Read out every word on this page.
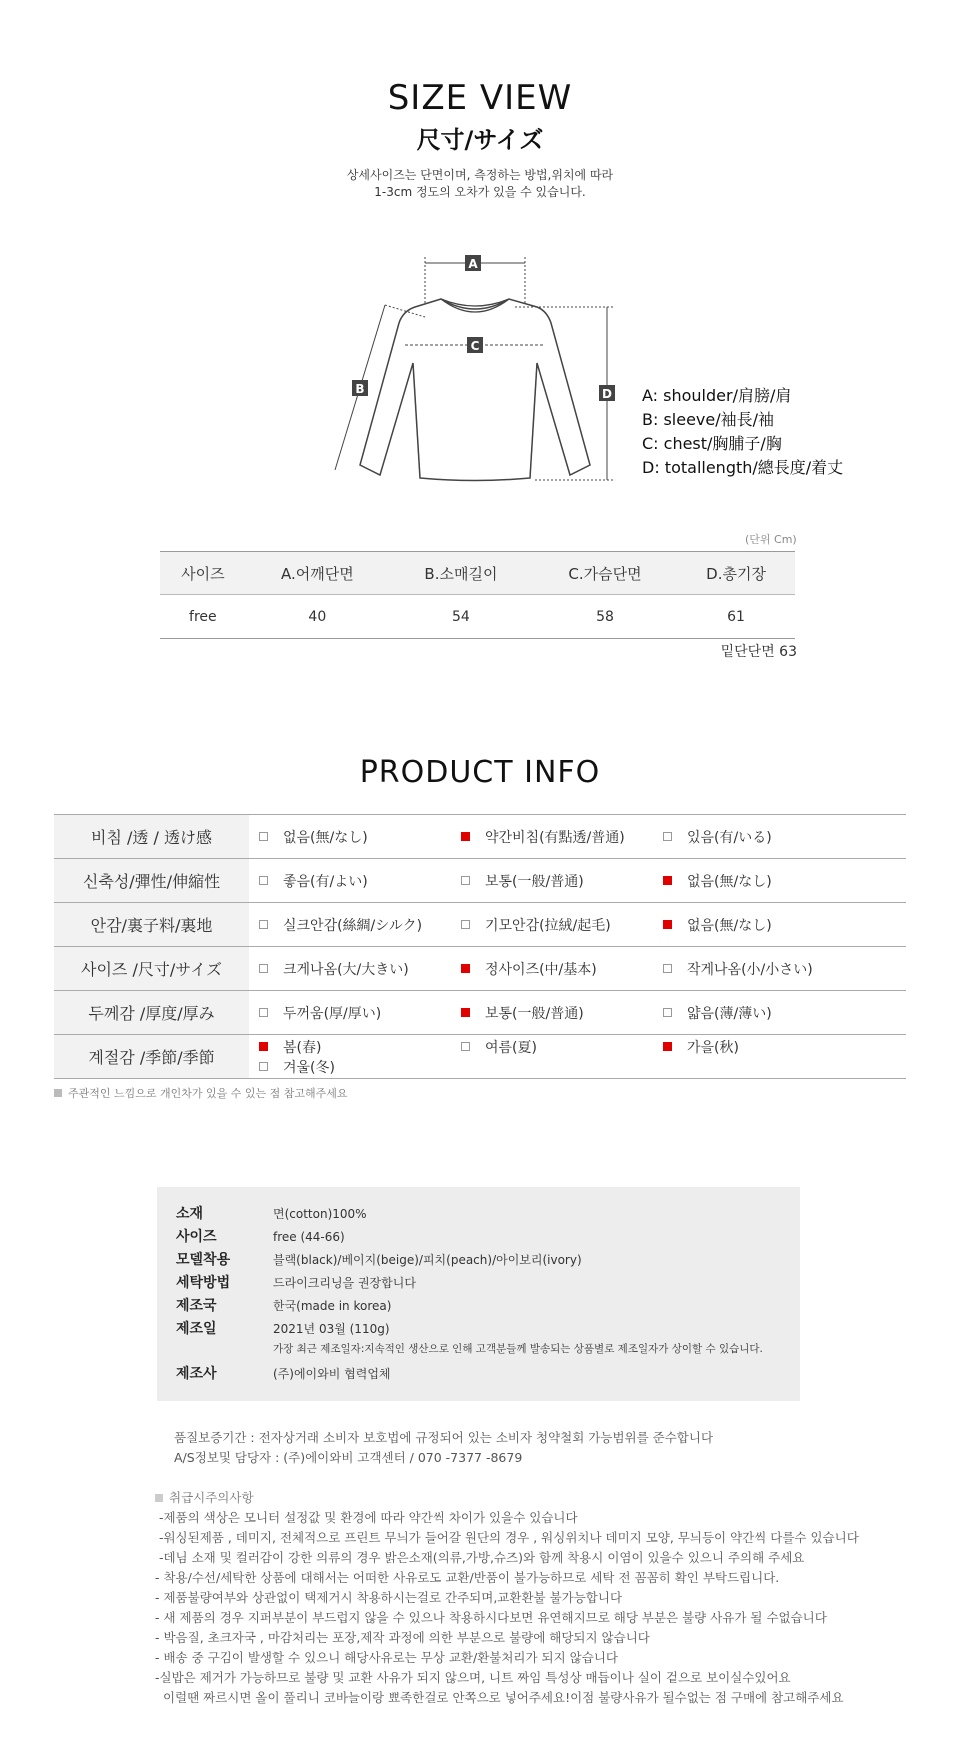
SIZE VIEW
尺寸/サイズ
상세사이즈는 단면이며, 측정하는 방법,위치에 따라
1-3cm 정도의 오차가 있을 수 있습니다.
A
C
B	D A: shoulder/肩膀/肩
B: sleeve/袖長/袖
C: chest/胸脯子/胸
D: totallength/總長度/着丈
(단위 Cm)
사이즈	A.어깨단면	B.소매길이	C.가슴단면	D.총기장
free	40	54	58	61
밑단단면 63
PRODUCT INFO
비침 /透 / 透け感	없음(無/なし) 약간비침(有點透/普通) 있음(有/いる)

신축성/彈性/伸縮性	좋음(有/よい) 보통(一般/普通) 없음(無/なし)

안감/裏子料/裏地	실크안감(絲綢/シルク) 기모안감(拉絨/起毛) 없음(無/なし)

사이즈 /尺寸/サイズ	크게나옴(大/大きい) 정사이즈(中/基本) 작게나옴(小/小さい)

두께감 /厚度/厚み	두꺼움(厚/厚い) 보통(一般/普通) 얇음(薄/薄い)

계절감 /季節/季節	봄(春) 여름(夏) 가을(秋)
겨울(冬)
주관적인 느낌으로 개인차가 있을 수 있는 점 참고해주세요
소재	면(cotton)100%
사이즈	free (44-66)
모델착용	블랙(black)/베이지(beige)/피치(peach)/아이보리(ivory)
세탁방법	드라이크리닝을 권장합니다
제조국	한국(made in korea)
제조일	2021년 03월 (110g)
가장 최근 제조일자:지속적인 생산으로 인해 고객분들께 발송되는 상품별로 제조일자가 상이할 수 있습니다.
제조사	(주)에이와비 협력업체
품질보증기간 : 전자상거래 소비자 보호법에 규정되어 있는 소비자 청약철회 가능범위를 준수합니다
A/S정보및 담당자 : (주)에이와비 고객센터 / 070 -7377 -8679
취급시주의사항
-제품의 색상은 모니터 설정값 및 환경에 따라 약간씩 차이가 있을수 있습니다
-워싱된제품 , 데미지, 전체적으로 프린트 무늬가 들어갈 원단의 경우 , 워싱위치나 데미지 모양, 무늬등이 약간씩 다를수 있습니다
-데님 소재 및 컬러감이 강한 의류의 경우 밝은소재(의류,가방,슈즈)와 함께 착용시 이염이 있을수 있으니 주의해 주세요
- 착용/수선/세탁한 상품에 대해서는 어떠한 사유로도 교환/반품이 불가능하므로 세탁 전 꼼꼼히 확인 부탁드립니다.
- 제품불량여부와 상관없이 택제거시 착용하시는걸로 간주되며,교환환불 불가능합니다
- 새 제품의 경우 지퍼부분이 부드럽지 않을 수 있으나 착용하시다보면 유연해지므로 해당 부분은 불량 사유가 될 수없습니다
- 박음질, 초크자국 , 마감처리는 포장,제작 과정에 의한 부분으로 불량에 해당되지 않습니다
- 배송 중 구김이 발생할 수 있으니 해당사유로는 무상 교환/환불처리가 되지 않습니다
-실밥은 제거가 가능하므로 불량 및 교환 사유가 되지 않으며, 니트 짜임 특성상 매듭이나 실이 겉으로 보이실수있어요
이럴땐 짜르시면 올이 풀리니 코바늘이랑 뾰족한걸로 안쪽으로 넣어주세요!이점 불량사유가 될수없는 점 구매에 참고해주세요
